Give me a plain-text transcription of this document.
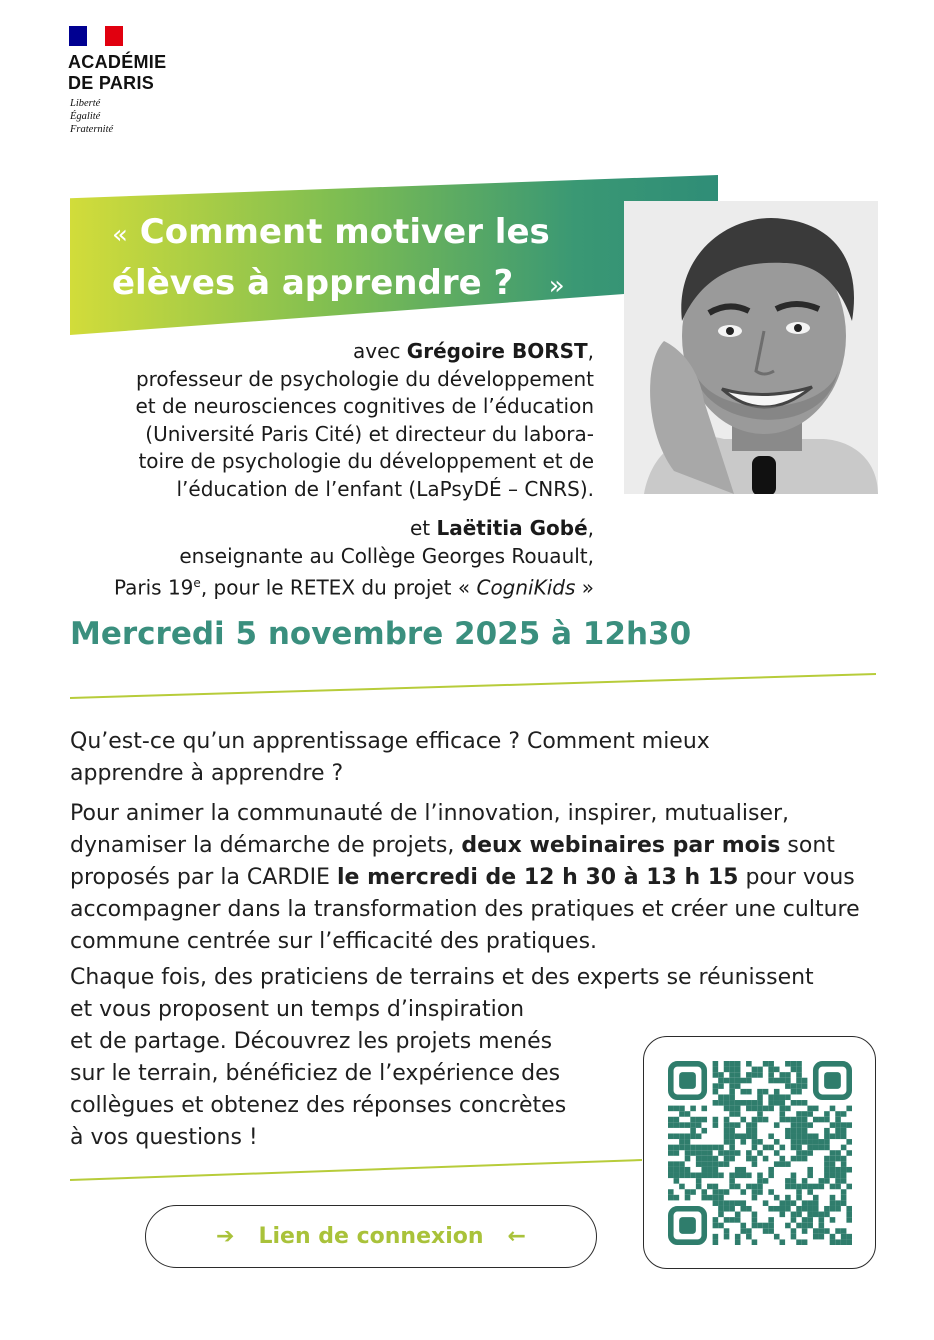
ACADÉMIE
DE PARIS
Liberté
Égalité
Fraternité
« Comment motiver les
élèves à apprendre ? »

avec Grégoire BORST,

professeur de psychologie du développement

et de neurosciences cognitives de l’éducation

(Université Paris Cité) et directeur du labora-

toire de psychologie du développement et de

l’éducation de l’enfant (LaPsyDÉ – CNRS).

et Laëtitia Gobé,

enseignante au Collège Georges Rouault,

Paris 19e, pour le RETEX du projet « CogniKids »

Mercredi 5 novembre 2025 à 12h30

Qu’est-ce qu’un apprentissage efficace ? Comment mieux apprendre à apprendre ?

Pour animer la communauté de l’innovation, inspirer, mutualiser, dynamiser la démarche de projets, deux webinaires par mois sont proposés par la CARDIE le mercredi de 12 h 30 à 13 h 15 pour vous accompagner dans la transformation des pratiques et créer une culture commune centrée sur l’efficacité des pratiques.

Chaque fois, des praticiens de terrains et des experts se réunissent
et vous proposent un temps d’inspiration
et de partage. Découvrez les projets menés
sur le terrain, bénéficiez de l’expérience des
collègues et obtenez des réponses concrètes
à vos questions !
➔ Lien de connexion ←
